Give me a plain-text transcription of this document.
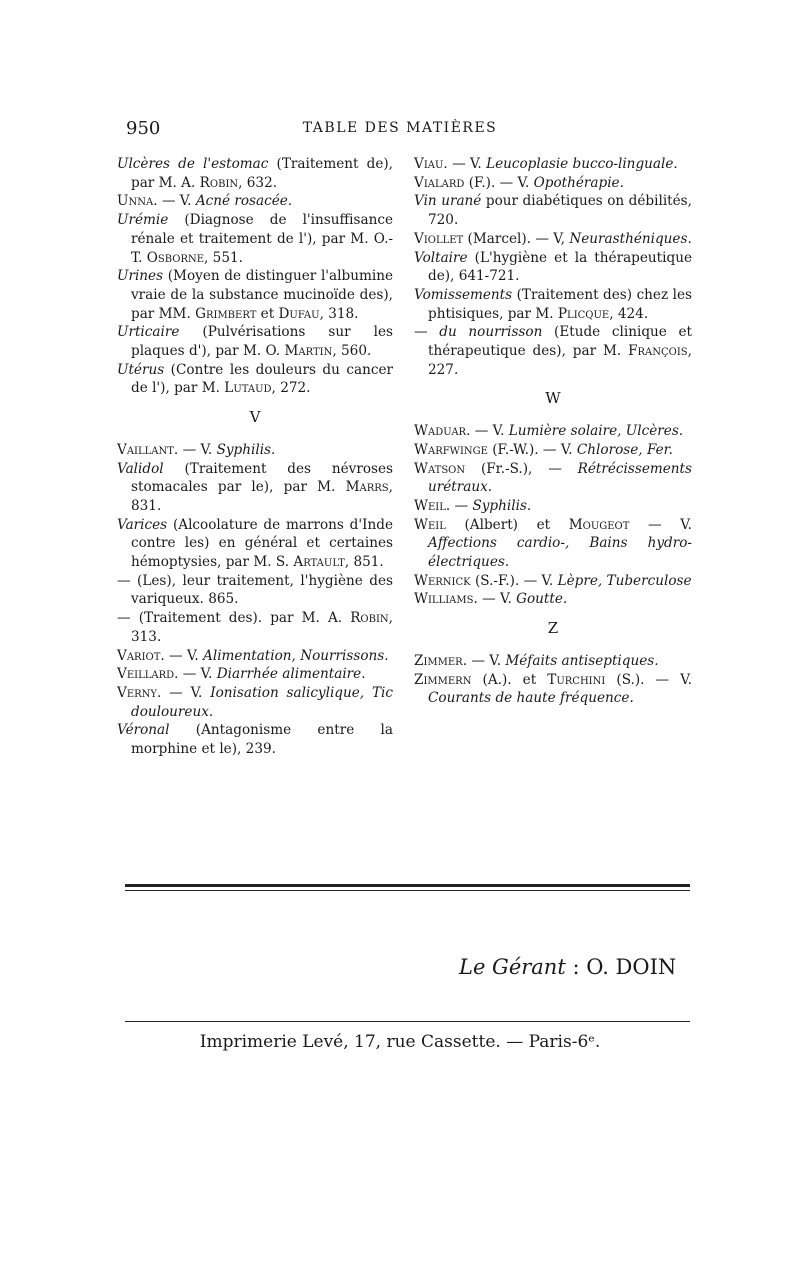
950	TABLE DES MATIÈRES

Ulcères de l'estomac (Traitement de), par M. A. Robin, 632.

Unna. — V. Acné rosacée.

Urémie (Diagnose de l'insuffisance rénale et traitement de l'), par M. O.-T. Osborne, 551.

Urines (Moyen de distinguer l'albumine vraie de la substance mucinoïde des), par MM. Grimbert et Dufau, 318.

Urticaire (Pulvérisations sur les plaques d'), par M. O. Martin, 560.

Utérus (Contre les douleurs du cancer de l'), par M. Lutaud, 272.

V

Vaillant. — V. Syphilis.

Validol (Traitement des névroses stomacales par le), par M. Marrs, 831.

Varices (Alcoolature de marrons d'Inde contre les) en général et certaines hémoptysies, par M. S. Artault, 851.

— (Les), leur traitement, l'hygiène des variqueux. 865.

— (Traitement des). par M. A. Robin, 313.

Variot. — V. Alimentation, Nourrissons.

Veillard. — V. Diarrhée alimentaire.

Verny. — V. Ionisation salicylique, Tic douloureux.

Véronal (Antagonisme entre la morphine et le), 239.

Viau. — V. Leucoplasie bucco-linguale.

Vialard (F.). — V. Opothérapie.

Vin urané pour diabétiques on débilités, 720.

Viollet (Marcel). — V, Neurasthéniques.

Voltaire (L'hygiène et la thérapeutique de), 641-721.

Vomissements (Traitement des) chez les phtisiques, par M. Plicque, 424.

— du nourrisson (Etude clinique et thérapeutique des), par M. François, 227.

W

Waduar. — V. Lumière solaire, Ulcères.

Warfwinge (F.-W.). — V. Chlorose, Fer.

Watson (Fr.-S.), — Rétrécissements urétraux.

Weil. — Syphilis.

Weil (Albert) et Mougeot — V. Affections cardio-, Bains hydro-électriques.

Wernick (S.-F.). — V. Lèpre, Tuberculose

Williams. — V. Goutte.

Z

Zimmer. — V. Méfaits antiseptiques.

Zimmern (A.). et Turchini (S.). — V. Courants de haute fréquence.

Le Gérant : O. DOIN
Imprimerie Levé, 17, rue Cassette. — Paris-6ᵉ.
